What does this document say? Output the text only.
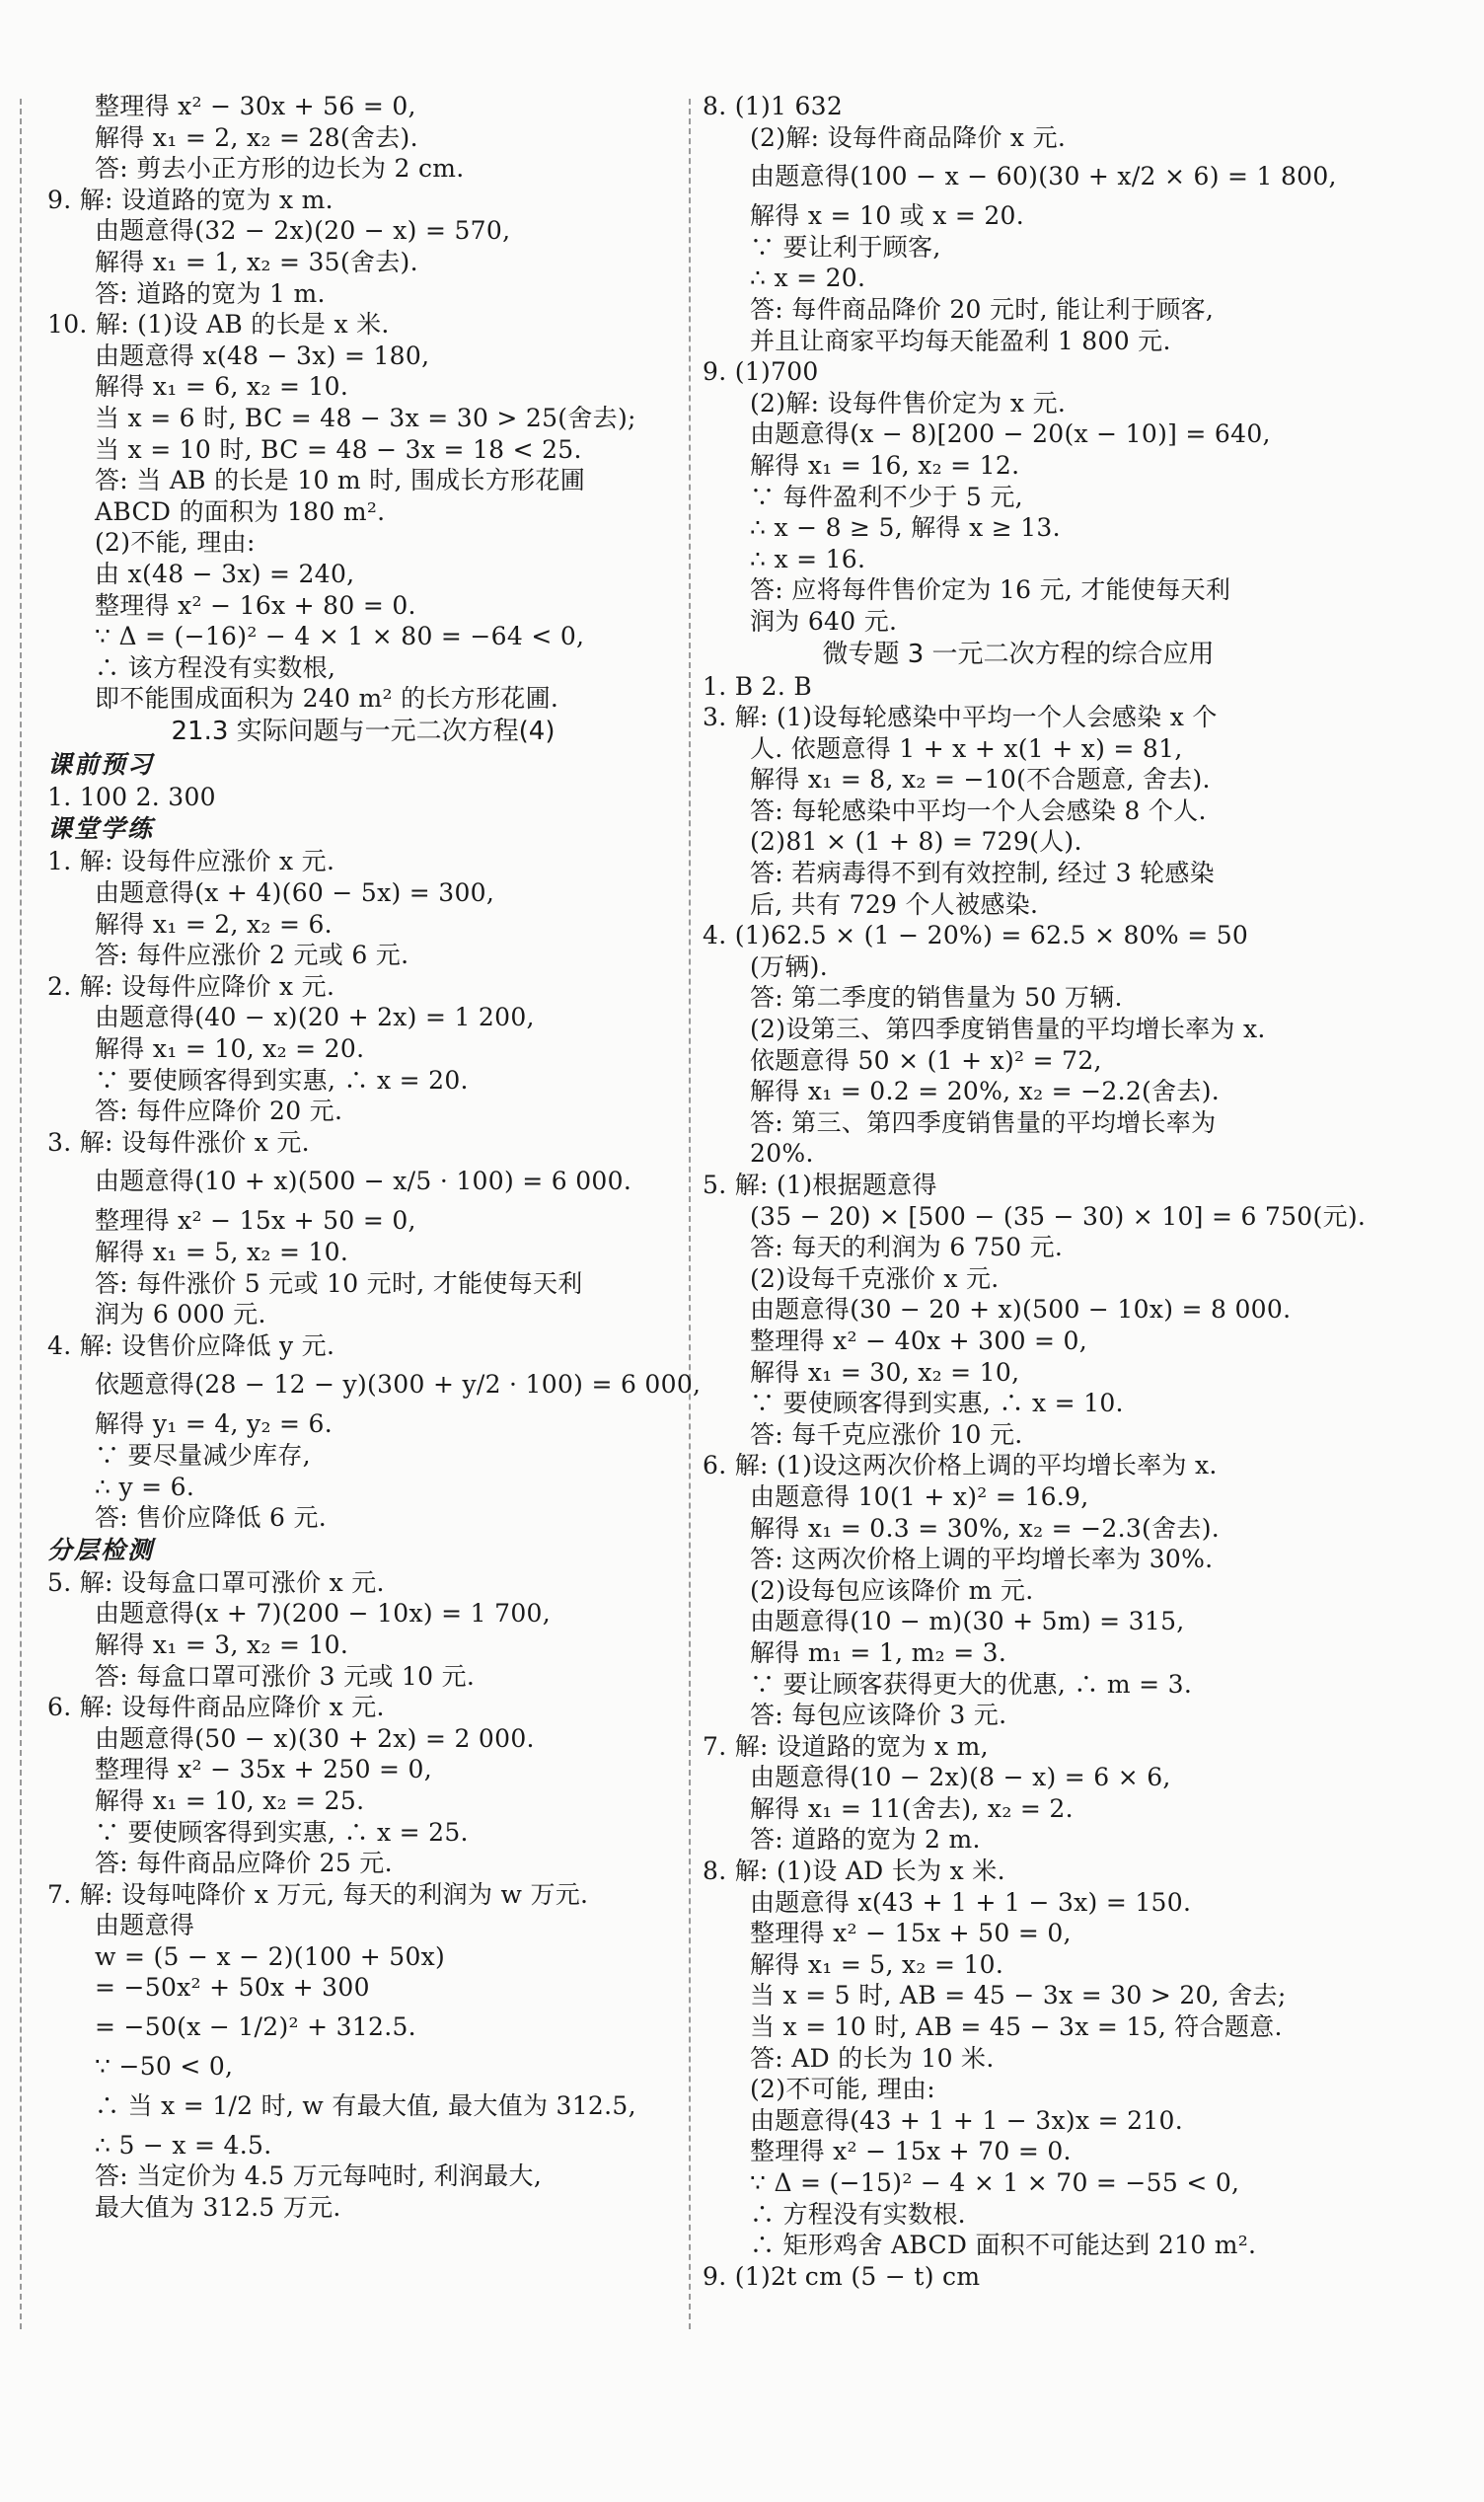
整理得 x² − 30x + 56 = 0,
解得 x₁ = 2, x₂ = 28(舍去).
答: 剪去小正方形的边长为 2 cm.
9. 解: 设道路的宽为 x m.
由题意得(32 − 2x)(20 − x) = 570,
解得 x₁ = 1, x₂ = 35(舍去).
答: 道路的宽为 1 m.
10. 解: (1)设 AB 的长是 x 米.
由题意得 x(48 − 3x) = 180,
解得 x₁ = 6, x₂ = 10.
当 x = 6 时, BC = 48 − 3x = 30 > 25(舍去);
当 x = 10 时, BC = 48 − 3x = 18 < 25.
答: 当 AB 的长是 10 m 时, 围成长方形花圃
ABCD 的面积为 180 m².
(2)不能, 理由:
由 x(48 − 3x) = 240,
整理得 x² − 16x + 80 = 0.
∵ Δ = (−16)² − 4 × 1 × 80 = −64 < 0,
∴ 该方程没有实数根,
即不能围成面积为 240 m² 的长方形花圃.
21.3 实际问题与一元二次方程(4)
课前预习
1. 100 2. 300
课堂学练
1. 解: 设每件应涨价 x 元.
由题意得(x + 4)(60 − 5x) = 300,
解得 x₁ = 2, x₂ = 6.
答: 每件应涨价 2 元或 6 元.
2. 解: 设每件应降价 x 元.
由题意得(40 − x)(20 + 2x) = 1 200,
解得 x₁ = 10, x₂ = 20.
∵ 要使顾客得到实惠, ∴ x = 20.
答: 每件应降价 20 元.
3. 解: 设每件涨价 x 元.
由题意得(10 + x)(500 − x/5 · 100) = 6 000.
整理得 x² − 15x + 50 = 0,
解得 x₁ = 5, x₂ = 10.
答: 每件涨价 5 元或 10 元时, 才能使每天利
润为 6 000 元.
4. 解: 设售价应降低 y 元.
依题意得(28 − 12 − y)(300 + y/2 · 100) = 6 000,
解得 y₁ = 4, y₂ = 6.
∵ 要尽量减少库存,
∴ y = 6.
答: 售价应降低 6 元.
分层检测
5. 解: 设每盒口罩可涨价 x 元.
由题意得(x + 7)(200 − 10x) = 1 700,
解得 x₁ = 3, x₂ = 10.
答: 每盒口罩可涨价 3 元或 10 元.
6. 解: 设每件商品应降价 x 元.
由题意得(50 − x)(30 + 2x) = 2 000.
整理得 x² − 35x + 250 = 0,
解得 x₁ = 10, x₂ = 25.
∵ 要使顾客得到实惠, ∴ x = 25.
答: 每件商品应降价 25 元.
7. 解: 设每吨降价 x 万元, 每天的利润为 w 万元.
由题意得
w = (5 − x − 2)(100 + 50x)
= −50x² + 50x + 300
= −50(x − 1/2)² + 312.5.
∵ −50 < 0,
∴ 当 x = 1/2 时, w 有最大值, 最大值为 312.5,
∴ 5 − x = 4.5.
答: 当定价为 4.5 万元每吨时, 利润最大,
最大值为 312.5 万元.
8. (1)1 632
(2)解: 设每件商品降价 x 元.
由题意得(100 − x − 60)(30 + x/2 × 6) = 1 800,
解得 x = 10 或 x = 20.
∵ 要让利于顾客,
∴ x = 20.
答: 每件商品降价 20 元时, 能让利于顾客,
并且让商家平均每天能盈利 1 800 元.
9. (1)700
(2)解: 设每件售价定为 x 元.
由题意得(x − 8)[200 − 20(x − 10)] = 640,
解得 x₁ = 16, x₂ = 12.
∵ 每件盈利不少于 5 元,
∴ x − 8 ≥ 5, 解得 x ≥ 13.
∴ x = 16.
答: 应将每件售价定为 16 元, 才能使每天利
润为 640 元.
微专题 3 一元二次方程的综合应用
1. B 2. B
3. 解: (1)设每轮感染中平均一个人会感染 x 个
人. 依题意得 1 + x + x(1 + x) = 81,
解得 x₁ = 8, x₂ = −10(不合题意, 舍去).
答: 每轮感染中平均一个人会感染 8 个人.
(2)81 × (1 + 8) = 729(人).
答: 若病毒得不到有效控制, 经过 3 轮感染
后, 共有 729 个人被感染.
4. (1)62.5 × (1 − 20%) = 62.5 × 80% = 50
(万辆).
答: 第二季度的销售量为 50 万辆.
(2)设第三、第四季度销售量的平均增长率为 x.
依题意得 50 × (1 + x)² = 72,
解得 x₁ = 0.2 = 20%, x₂ = −2.2(舍去).
答: 第三、第四季度销售量的平均增长率为
20%.
5. 解: (1)根据题意得
(35 − 20) × [500 − (35 − 30) × 10] = 6 750(元).
答: 每天的利润为 6 750 元.
(2)设每千克涨价 x 元.
由题意得(30 − 20 + x)(500 − 10x) = 8 000.
整理得 x² − 40x + 300 = 0,
解得 x₁ = 30, x₂ = 10,
∵ 要使顾客得到实惠, ∴ x = 10.
答: 每千克应涨价 10 元.
6. 解: (1)设这两次价格上调的平均增长率为 x.
由题意得 10(1 + x)² = 16.9,
解得 x₁ = 0.3 = 30%, x₂ = −2.3(舍去).
答: 这两次价格上调的平均增长率为 30%.
(2)设每包应该降价 m 元.
由题意得(10 − m)(30 + 5m) = 315,
解得 m₁ = 1, m₂ = 3.
∵ 要让顾客获得更大的优惠, ∴ m = 3.
答: 每包应该降价 3 元.
7. 解: 设道路的宽为 x m,
由题意得(10 − 2x)(8 − x) = 6 × 6,
解得 x₁ = 11(舍去), x₂ = 2.
答: 道路的宽为 2 m.
8. 解: (1)设 AD 长为 x 米.
由题意得 x(43 + 1 + 1 − 3x) = 150.
整理得 x² − 15x + 50 = 0,
解得 x₁ = 5, x₂ = 10.
当 x = 5 时, AB = 45 − 3x = 30 > 20, 舍去;
当 x = 10 时, AB = 45 − 3x = 15, 符合题意.
答: AD 的长为 10 米.
(2)不可能, 理由:
由题意得(43 + 1 + 1 − 3x)x = 210.
整理得 x² − 15x + 70 = 0.
∵ Δ = (−15)² − 4 × 1 × 70 = −55 < 0,
∴ 方程没有实数根.
∴ 矩形鸡舍 ABCD 面积不可能达到 210 m².
9. (1)2t cm (5 − t) cm
